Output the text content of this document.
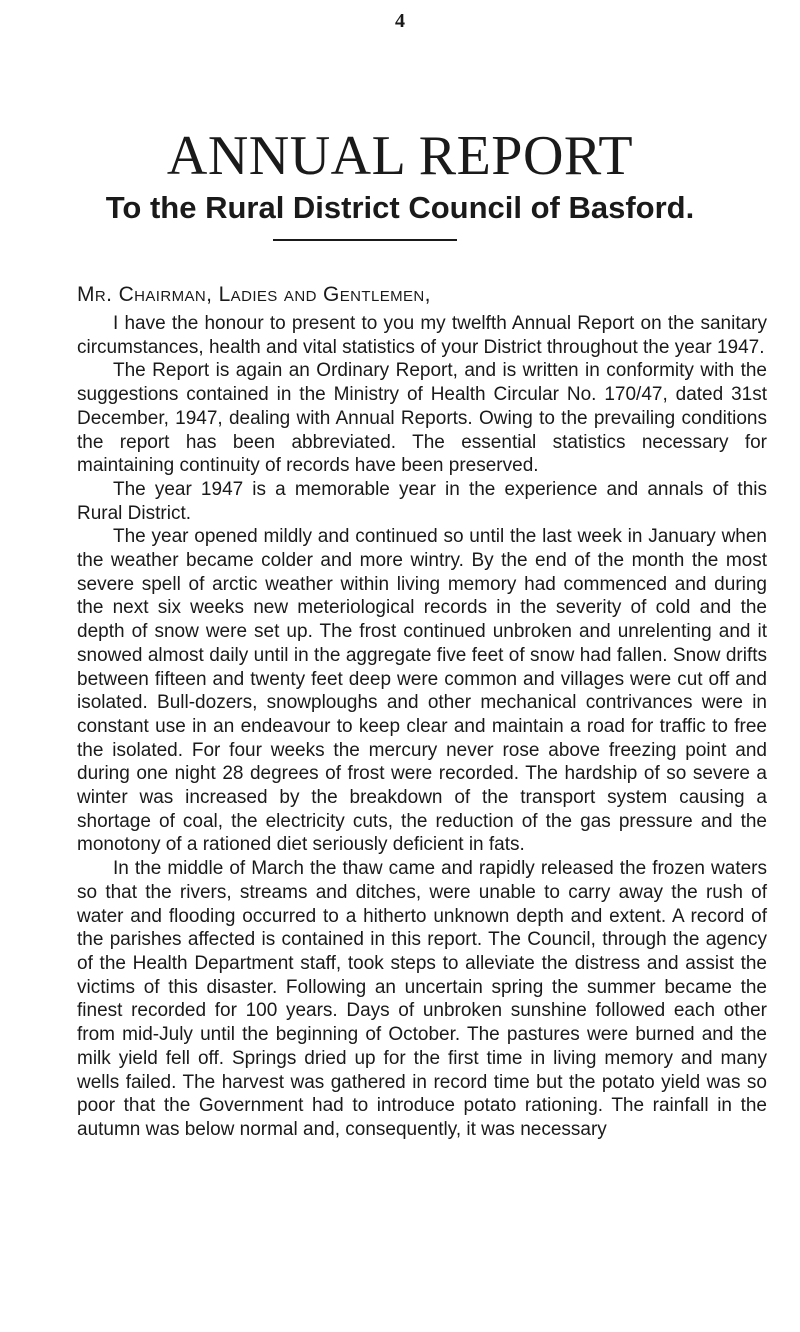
4
ANNUAL REPORT
To the Rural District Council of Basford.
Mr. Chairman, Ladies and Gentlemen,

I have the honour to present to you my twelfth Annual Report on the sanitary circumstances, health and vital statistics of your District throughout the year 1947.

The Report is again an Ordinary Report, and is written in conformity with the suggestions contained in the Ministry of Health Circular No. 170/47, dated 31st December, 1947, dealing with Annual Reports. Owing to the prevailing conditions the report has been abbreviated. The essential statistics necessary for maintaining continuity of records have been preserved.

The year 1947 is a memorable year in the experience and annals of this Rural District.

The year opened mildly and continued so until the last week in January when the weather became colder and more wintry. By the end of the month the most severe spell of arctic weather within living memory had commenced and during the next six weeks new meteriological records in the severity of cold and the depth of snow were set up. The frost continued unbroken and unrelenting and it snowed almost daily until in the aggregate five feet of snow had fallen. Snow drifts between fifteen and twenty feet deep were common and villages were cut off and isolated. Bull-dozers, snowploughs and other mechanical contrivances were in constant use in an endeavour to keep clear and maintain a road for traffic to free the isolated. For four weeks the mercury never rose above freezing point and during one night 28 degrees of frost were recorded. The hardship of so severe a winter was increased by the breakdown of the transport system causing a shortage of coal, the electricity cuts, the reduction of the gas pressure and the monotony of a rationed diet seriously deficient in fats.

In the middle of March the thaw came and rapidly released the frozen waters so that the rivers, streams and ditches, were unable to carry away the rush of water and flooding occurred to a hitherto unknown depth and extent. A record of the parishes affected is contained in this report. The Council, through the agency of the Health Department staff, took steps to alleviate the distress and assist the victims of this disaster. Following an uncertain spring the summer became the finest recorded for 100 years. Days of unbroken sunshine followed each other from mid-July until the beginning of October. The pastures were burned and the milk yield fell off. Springs dried up for the first time in living memory and many wells failed. The harvest was gathered in record time but the potato yield was so poor that the Government had to introduce potato rationing. The rainfall in the autumn was below normal and, consequently, it was necessary
